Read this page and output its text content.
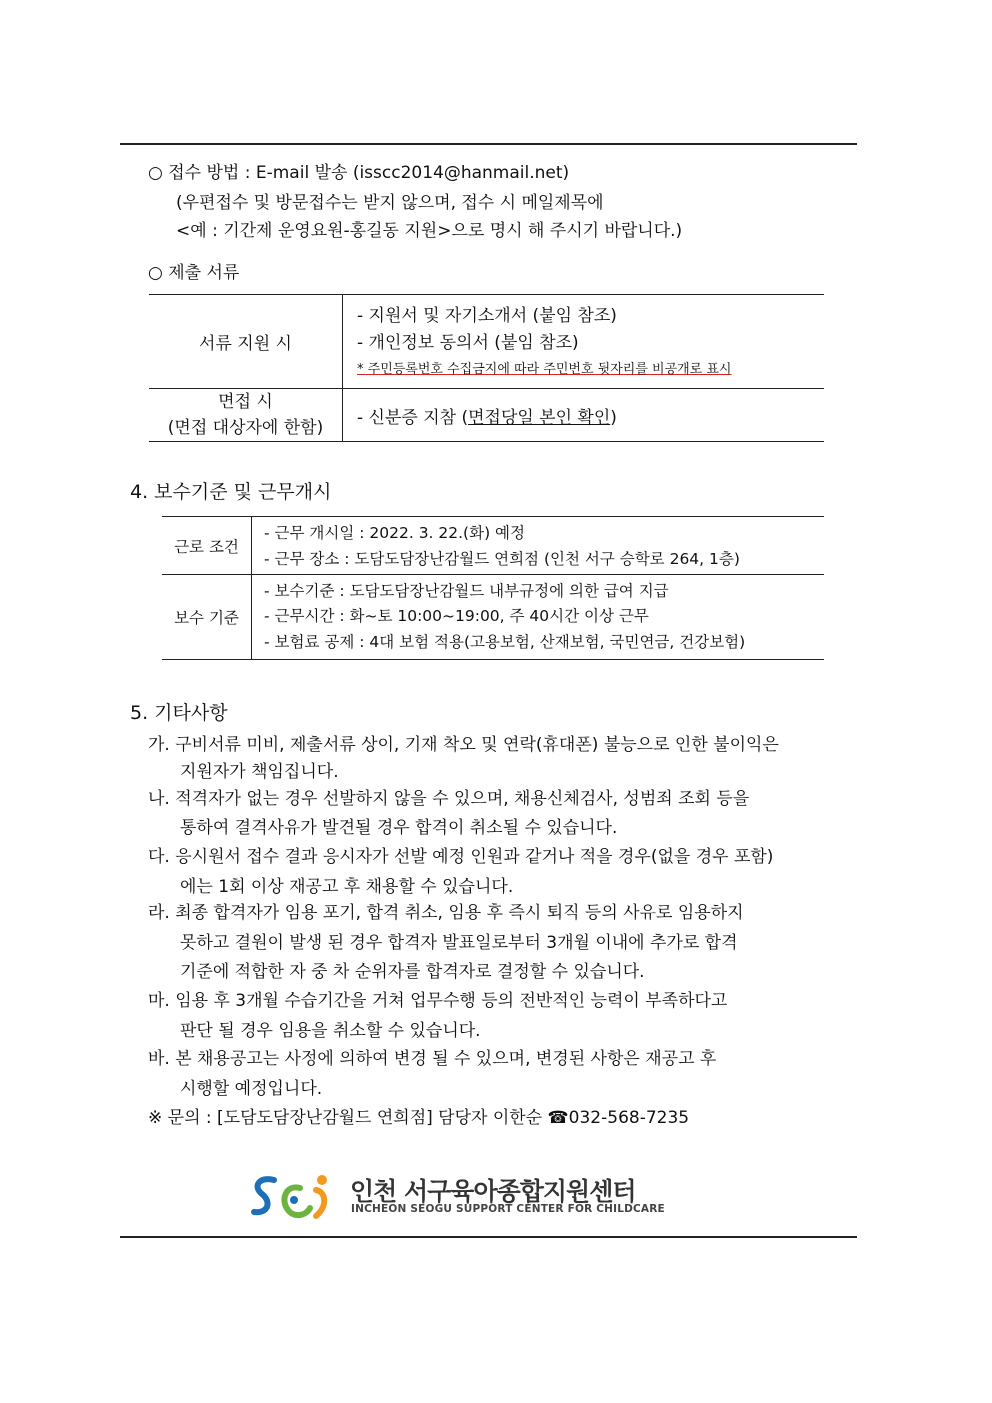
○ 접수 방법 : E-mail 발송 (isscc2014@hanmail.net)
(우편접수 및 방문접수는 받지 않으며, 접수 시 메일제목에
<예 : 기간제 운영요원-홍길동 지원>으로 명시 해 주시기 바랍니다.)
○ 제출 서류
서류 지원 시	- 지원서 및 자기소개서 (붙임 참조)
- 개인정보 동의서 (붙임 참조)
* 주민등록번호 수집금지에 따라 주민번호 뒷자리를 비공개로 표시

면접 시
(면접 대상자에 한함)	- 신분증 지참 (면접당일 본인 확인)
4. 보수기준 및 근무개시
근로 조건	- 근무 개시일 : 2022. 3. 22.(화) 예정
- 근무 장소 : 도담도담장난감월드 연희점 (인천 서구 승학로 264, 1층)

보수 기준	- 보수기준 : 도담도담장난감월드 내부규정에 의한 급여 지급
- 근무시간 : 화~토 10:00~19:00, 주 40시간 이상 근무
- 보험료 공제 : 4대 보험 적용(고용보험, 산재보험, 국민연금, 건강보험)
5. 기타사항
가. 구비서류 미비, 제출서류 상이, 기재 착오 및 연락(휴대폰) 불능으로 인한 불이익은
지원자가 책임집니다.
나. 적격자가 없는 경우 선발하지 않을 수 있으며, 채용신체검사, 성범죄 조회 등을
통하여 결격사유가 발견될 경우 합격이 취소될 수 있습니다.
다. 응시원서 접수 결과 응시자가 선발 예정 인원과 같거나 적을 경우(없을 경우 포함)
에는 1회 이상 재공고 후 채용할 수 있습니다.
라. 최종 합격자가 임용 포기, 합격 취소, 임용 후 즉시 퇴직 등의 사유로 임용하지
못하고 결원이 발생 된 경우 합격자 발표일로부터 3개월 이내에 추가로 합격
기준에 적합한 자 중 차 순위자를 합격자로 결정할 수 있습니다.
마. 임용 후 3개월 수습기간을 거쳐 업무수행 등의 전반적인 능력이 부족하다고
판단 될 경우 임용을 취소할 수 있습니다.
바. 본 채용공고는 사정에 의하여 변경 될 수 있으며, 변경된 사항은 재공고 후
시행할 예정입니다.
※ 문의 : [도담도담장난감월드 연희점] 담당자 이한순 ☎032-568-7235
인천 서구육아종합지원센터
INCHEON SEOGU SUPPORT CENTER FOR CHILDCARE
